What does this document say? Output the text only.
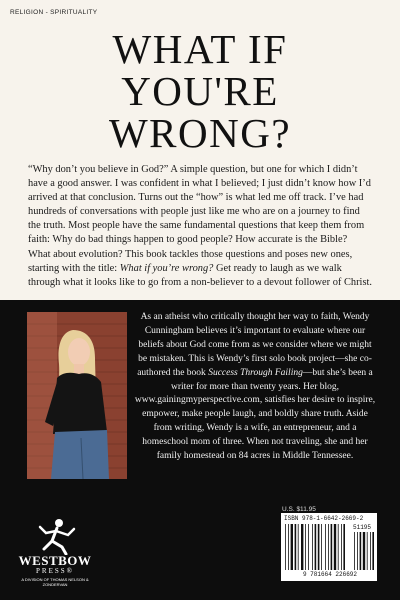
RELIGION - SPIRITUALITY
WHAT IF
YOU'RE
WRONG?

“Why don’t you believe in God?” A simple question, but one for which I didn’t have a good answer. I was confident in what I believed; I just didn’t know how I’d arrived at that conclusion. Turns out the “how” is what led me off track. I’ve had hundreds of conversations with people just like me who are on a journey to find the truth. Most people have the same fundamental questions that keep them from faith: Why do bad things happen to good people? How accurate is the Bible? What about evolution? This book tackles those questions and poses new ones, starting with the title: What if you’re wrong? Get ready to laugh as we walk through what it looks like to go from a non-believer to a devout follower of Christ.

As an atheist who critically thought her way to faith, Wendy Cunningham believes it’s important to evaluate where our beliefs about God come from as we consider where we might be mistaken. This is Wendy’s first solo book project—she co-authored the book Success Through Failing—but she’s been a writer for more than twenty years. Her blog, www.gainingmyperspective.com, satisfies her desire to inspire, empower, make people laugh, and boldly share truth. Aside from writing, Wendy is a wife, an entrepreneur, and a homeschool mom of three. When not traveling, she and her family homestead on 84 acres in Middle Tennessee.

WESTBOW
PRESS®
A DIVISION OF THOMAS NELSON & ZONDERVAN
U.S. $11.95
ISBN 978-1-6642-2669-2
51195
9 781664 226692
